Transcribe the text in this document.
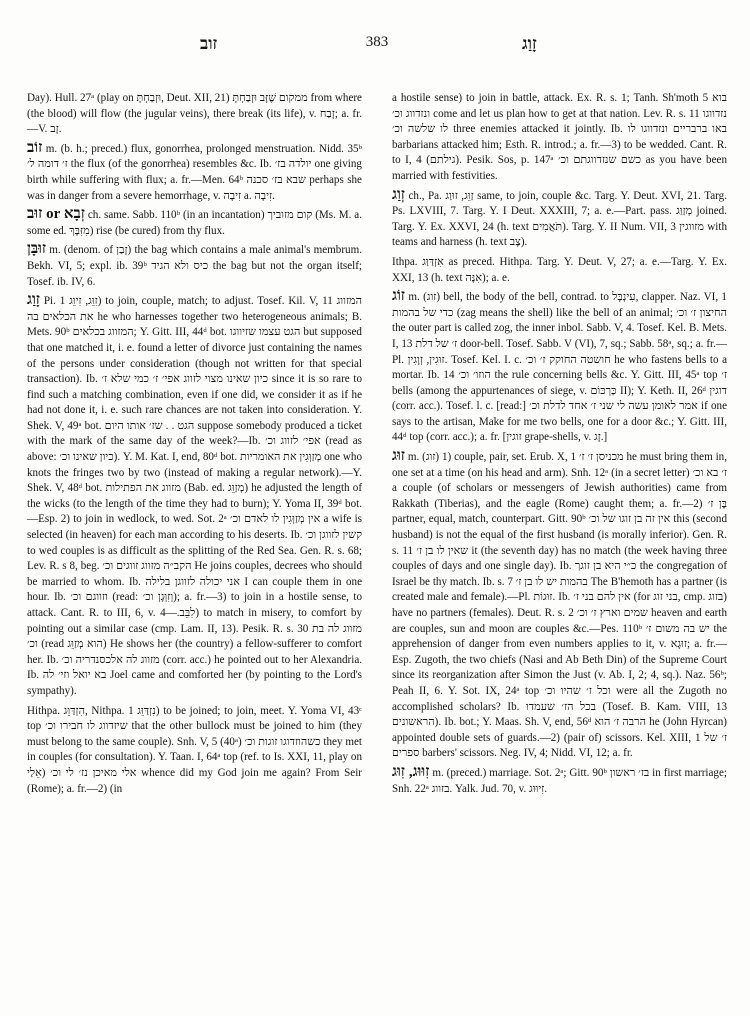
זוב	383	זָוַג

Day). Hull. 27ᵃ (play on וּזְבַחְתָּ, Deut. XII, 21) ממקום שֶׁזָּב וּזְבַחְתָּ from where (the blood) will flow (the jugular veins), there break (its life), v. זָבַח; a. fr.—V. זָב.

זוֹב m. (b. h.; preced.) flux, gonorrhea, prolonged menstruation. Nidd. 35ᵇ ז׳ דומה ל׳ the flux (of the gonorrhea) resembles &c. Ib. יולדה בז׳ one giving birth while suffering with flux; a. fr.—Men. 64ᵇ שבא בז׳ סכנה perhaps she was in danger from a severe hemorrhage, v. זִיבָה a. זִיבָה.

זוּב or זְבָא ch. same. Sabb. 110ᵇ (in an incantation) קום מזוביך (Ms. M. a. some ed. מִזִּבָּךְ) rise (be cured) from thy flux.

זוּבָּן m. (denom. of זָבַן) the bag which contains a male animal's membrum. Bekh. VI, 5; expl. ib. 39ᵇ כיס ולא הגיד the bag but not the organ itself; Tosef. ib. IV, 6.

זָוַג Pi. זִוֵּג, זִיוֵּג 1) to join, couple, match; to adjust. Tosef. Kil. V, 11 המזווג את הכלאים בה he who harnesses together two heterogeneous animals; B. Mets. 90ᵇ המזווג בכלאים; Y. Gitt. III, 44ᵈ bot. הגט עצמו שזיווגו but supposed that one matched it, i. e. found a letter of divorce just containing the names of the persons under consideration (though not written for that special transaction). Ib. כיון שאינו מצוי לזווג אפי׳ ז׳ כמי שלא ז׳ since it is so rare to find such a matching combination, even if one did, we consider it as if he had not done it, i. e. such rare chances are not taken into consideration. Y. Shek. V, 49ᵃ bot. הגט . . שז׳ אותו היום suppose somebody produced a ticket with the mark of the same day of the week?—Ib. אפי׳ לזווג וכ׳ (read as above: כיון שאינו וכ׳). Y. M. Kat. I, end, 80ᵈ bot. מְזַוְּגִין את האומריות one who knots the fringes two by two (instead of making a regular network).—Y. Shek. V, 48ᵈ bot. מזווג את הפתילות (Bab. ed. מְזַוֵּג) he adjusted the length of the wicks (to the length of the time they had to burn); Y. Yoma II, 39ᵈ bot.—Esp. 2) to join in wedlock, to wed. Sot. 2ᵃ אין מְזַוְּגִין לו לאדם וכ׳ a wife is selected (in heaven) for each man according to his deserts. Ib. קשין לזווגן וכ׳ to wed couples is as difficult as the splitting of the Red Sea. Gen. R. s. 68; Lev. R. s 8, beg. הקב״ה מזווג זווגים וכ׳ He joins couples, decrees who should be married to whom. Ib. אני יכולה לזווגן בלילה I can couple them in one hour. Ib. וזווגם וכ׳ (read: וְזִוְּגָן וכ׳); a. fr.—3) to join in a hostile sense, to attack. Cant. R. to III, 6, v. לִבֵּב.—4) to match in misery, to comfort by pointing out a similar case (cmp. Lam. II, 13). Pesik. R. s. 30 מזווג לה בת וכ׳ (read הוא מְזַוֵּג) He shows her (the country) a fellow-sufferer to comfort her. Ib. מזווג לה אלכסנדריה וכ׳ (corr. acc.) he pointed out to her Alexandria. Ib. בא יואל וזי׳ לה Joel came and comforted her (by pointing to the Lord's sympathy).

Hithpa. הִזְדַּוֵּג, Nithpa. נִזְדַּוֵּג 1) to be joined; to join, meet. Y. Yoma VI, 43ᶜ top שיזדווג לו חבירו וכ׳ that the other bullock must be joined to him (they must belong to the same couple). Snh. V, 5 (40ᵃ) כשהוזדוגו זוגות וכ׳ they met in couples (for consultation). Y. Taan. I, 64ᵃ top (ref. to Is. XXI, 11, play on אֵלַי) אלי מאיכן נז׳ לי וכ׳ whence did my God join me again? From Seir (Rome); a. fr.—2) (in

a hostile sense) to join in battle, attack. Ex. R. s. 1; Tanh. Sh'moth 5 בוא ונזדווג וכ׳ come and let us plan how to get at that nation. Lev. R. s. 11 נזדווגו לו שלשה וכ׳ three enemies attacked it jointly. Ib. באו ברבריים ונזדווגו לו barbarians attacked him; Esth. R. introd.; a. fr.—3) to be wedded. Cant. R. to I, 4 (גילתם). Pesik. Sos, p. 147ᵃ כשם שנזדווגתם וכ׳ as you have been married with festivities.

זְוַג ch., Pa. זַוֵּג, זוּוַג same, to join, couple &c. Targ. Y. Deut. XVI, 21. Targ. Ps. LXVIII, 7. Targ. Y. I Deut. XXXIII, 7; a. e.—Part. pass. מְזַוַּג joined. Targ. Y. Ex. XXVI, 24 (h. text תֹּאֲמִים). Targ. Y. II Num. VII, 3 מזווגין with teams and harness (h. text צָב).

Ithpa. אִזְדַּוַּג as preced. Hithpa. Targ. Y. Deut. V, 27; a. e.—Targ. Y. Ex. XXI, 13 (h. text אִנָּה); a. e.

זוֹג m. (זוג) bell, the body of the bell, contrad. to עִינְבָּל, clapper. Naz. VI, 1 כדי של בהמות (zag means the shell) like the bell of an animal; החיצון ז׳ וכ׳ the outer part is called zog, the inner inbol. Sabb. V, 4. Tosef. Kel. B. Mets. I, 13 ז׳ של דלת door-bell. Tosef. Sabb. V (VI), 7, sq.; Sabb. 58ᵃ, sq.; a. fr.—Pl. זוּגִין, זְוָגִין. Tosef. Kel. I. c. חושטה החוקק ז׳ וכ׳ he who fastens bells to a mortar. Ib. 14 הוזו׳ וכ׳ the rule concerning bells &c. Y. Gitt. III, 45ᵃ top ז׳ bells (among the appurtenances of siege, v. כַּרְכּוֹם II); Y. Keth. II, 26ᵈ דוגין (corr. acc.). Tosef. l. c. [read:] אמר לאומן עשה לי שני ז׳ אחד לדלת וכ׳ if one says to the artisan, Make for me two bells, one for a door &c.; Y. Gitt. III, 44ᵈ top (corr. acc.); a. fr. [זוגין grape-shells, v. זָג.]

זוּג m. (זוג) 1) couple, pair, set. Erub. X, 1 מכניסן ז׳ ז׳ he must bring them in, one set at a time (on his head and arm). Snh. 12ᵃ (in a secret letter) ז׳ בא וכ׳ a couple (of scholars or messengers of Jewish authorities) came from Rakkath (Tiberias), and the eagle (Rome) caught them; a. fr.—2) בֶּן ז׳ partner, equal, match, counterpart. Gitt. 90ᵇ אין זה בן זוגו של וכ׳ this (second husband) is not the equal of the first husband (is morally inferior). Gen. R. s. 11 שאין לו בן ז׳ it (the seventh day) has no match (the week having three couples of days and one single day). Ib. כ״י היא בן זוגך the congregation of Israel be thy match. Ib. s. 7 בהמות יש לו בן ז׳ The B'hemoth has a partner (is created male and female).—Pl. זוּגוֹת. Ib. אין להם בני ז׳ (for בני זוג, cmp. בזוג) have no partners (females). Deut. R. s. 2 שמים וארץ ז׳ וכ׳ heaven and earth are couples, sun and moon are couples &c.—Pes. 110ᵇ יש בה משום ז׳ the apprehension of danger from even numbers applies to it, v. זוּגָא; a. fr.—Esp. Zugoth, the two chiefs (Nasi and Ab Beth Din) of the Supreme Court since its reorganization after Simon the Just (v. Ab. I, 2; 4, sq.). Naz. 56ᵇ; Peah II, 6. Y. Sot. IX, 24ᵃ top וכל ז׳ שהיו וכ׳ were all the Zugoth no accomplished scholars? Ib. בכל הז׳ שעמדו (Tosef. B. Kam. VIII, 13 הראשונים). Ib. bot.; Y. Maas. Sh. V, end, 56ᵈ הרבה ז׳ הוא he (John Hyrcan) appointed double sets of guards.—2) (pair of) scissors. Kel. XIII, 1 ז׳ של ספרים barbers' scissors. Neg. IV, 4; Nidd. VI, 12; a. fr.

זִוּוּג, זִוּג m. (preced.) marriage. Sot. 2ᵃ; Gitt. 90ᵇ בז׳ ראשון in first marriage; Snh. 22ᵃ בזווג. Yalk. Jud. 70, v. זִיוּוּג.
